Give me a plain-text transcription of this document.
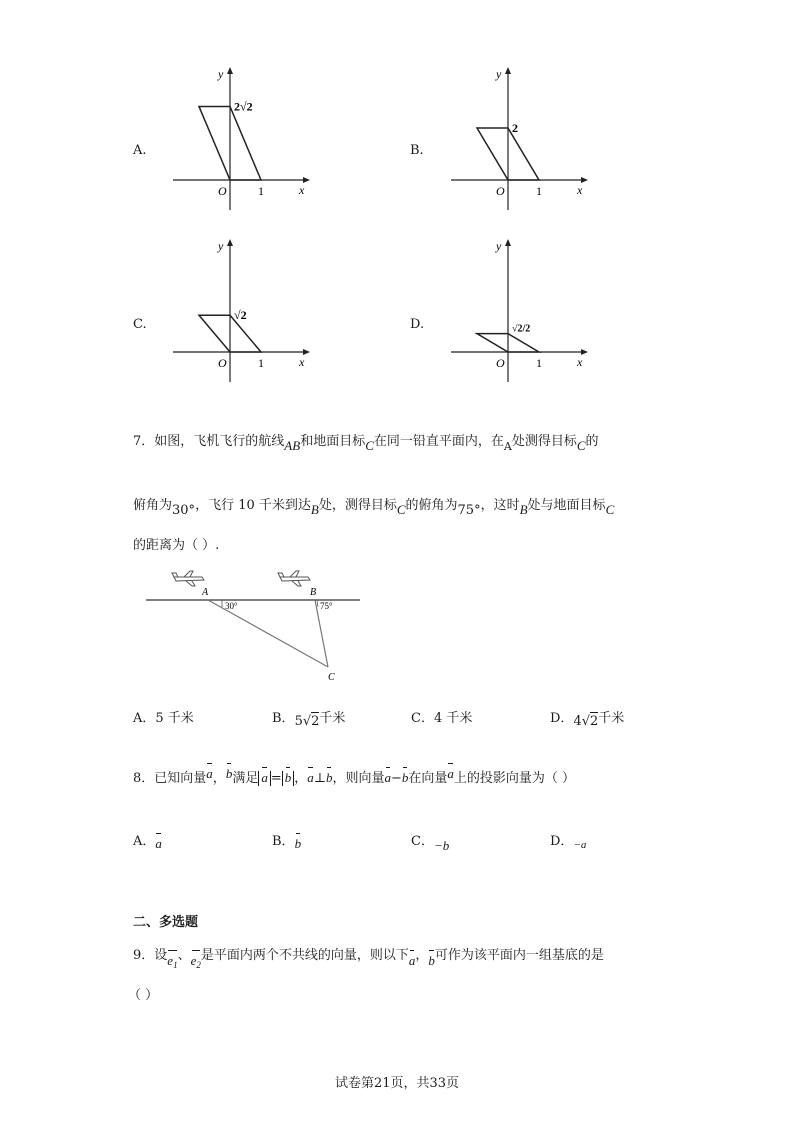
A.	B.
C.	D.
y
x
O	1
2√2
y
x
O	1
2
y
x
O	1
√2
y
x
O	1
√2/2
7．如图，飞机飞行的航线AB和地面目标C在同一铅直平面内，在$_A$处测得目标C的
俯角为30°，飞行 10 千米到达B处，测得目标C的俯角为75°，这时B处与地面目标C
的距离为（ ）.
A	B
C
30°	75°
A．5 千米	B．5√2千米	C．4 千米	D．4√2千米
8．已知向量a，b满足 a = b ，a⊥b，则向量a−b在向量a上的投影向量为（ ）
A．a	B．b	C．−b	D．$_{-a}$
二、多选题
9．设$e_1$、$e_2$是平面内两个不共线的向量，则以下a，b可作为该平面内一组基底的是
（ ）
试卷第21页，共33页
